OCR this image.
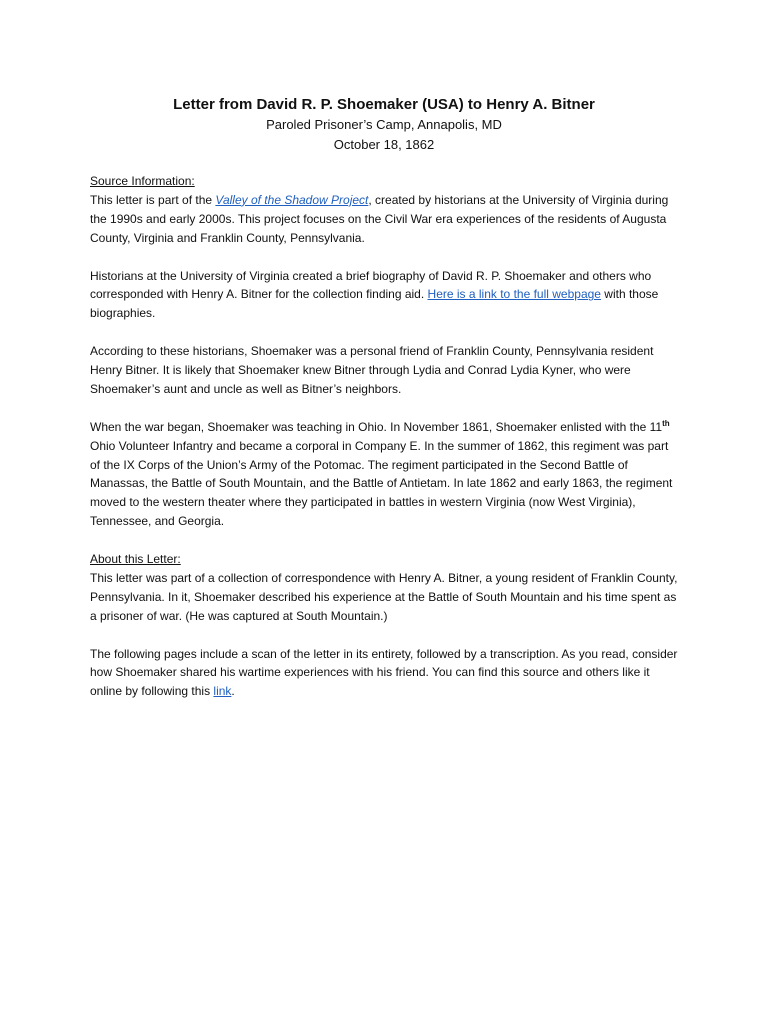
Letter from David R. P. Shoemaker (USA) to Henry A. Bitner
Paroled Prisoner’s Camp, Annapolis, MD
October 18, 1862
Source Information:

This letter is part of the Valley of the Shadow Project, created by historians at the University of Virginia during the 1990s and early 2000s. This project focuses on the Civil War era experiences of the residents of Augusta County, Virginia and Franklin County, Pennsylvania.

Historians at the University of Virginia created a brief biography of David R. P. Shoemaker and others who corresponded with Henry A. Bitner for the collection finding aid. Here is a link to the full webpage with those biographies.

According to these historians, Shoemaker was a personal friend of Franklin County, Pennsylvania resident Henry Bitner. It is likely that Shoemaker knew Bitner through Lydia and Conrad Lydia Kyner, who were Shoemaker’s aunt and uncle as well as Bitner’s neighbors.

When the war began, Shoemaker was teaching in Ohio. In November 1861, Shoemaker enlisted with the 11th Ohio Volunteer Infantry and became a corporal in Company E. In the summer of 1862, this regiment was part of the IX Corps of the Union’s Army of the Potomac. The regiment participated in the Second Battle of Manassas, the Battle of South Mountain, and the Battle of Antietam. In late 1862 and early 1863, the regiment moved to the western theater where they participated in battles in western Virginia (now West Virginia), Tennessee, and Georgia.

About this Letter:

This letter was part of a collection of correspondence with Henry A. Bitner, a young resident of Franklin County, Pennsylvania. In it, Shoemaker described his experience at the Battle of South Mountain and his time spent as a prisoner of war. (He was captured at South Mountain.)

The following pages include a scan of the letter in its entirety, followed by a transcription. As you read, consider how Shoemaker shared his wartime experiences with his friend. You can find this source and others like it online by following this link.
